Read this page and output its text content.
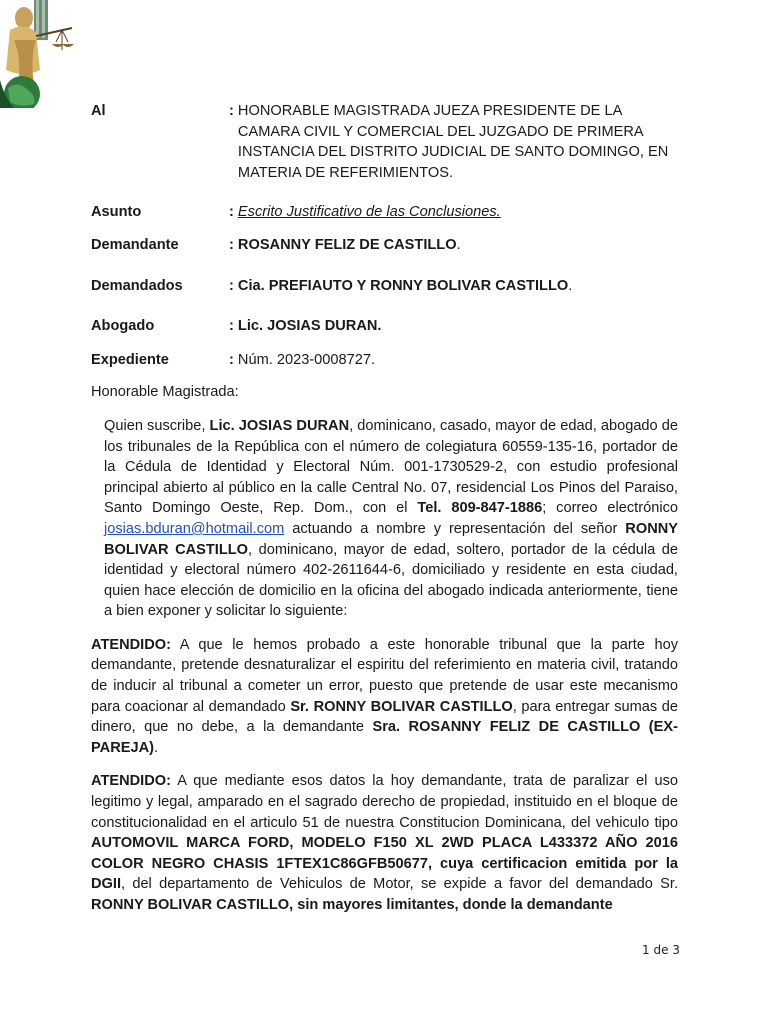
Al	: HONORABLE MAGISTRADA JUEZA PRESIDENTE DE LA CAMARA CIVIL Y COMERCIAL DEL JUZGADO DE PRIMERA INSTANCIA DEL DISTRITO JUDICIAL DE SANTO DOMINGO, EN MATERIA DE REFERIMIENTOS.
Asunto	: Escrito Justificativo de las Conclusiones.
Demandante	: ROSANNY FELIZ DE CASTILLO.
Demandados	: Cia. PREFIAUTO Y RONNY BOLIVAR CASTILLO.
Abogado	: Lic. JOSIAS DURAN.
Expediente	: Núm. 2023-0008727.
Honorable Magistrada:

Quien suscribe, Lic. JOSIAS DURAN, dominicano, casado, mayor de edad, abogado de los tribunales de la República con el número de colegiatura 60559-135-16, portador de la Cédula de Identidad y Electoral Núm. 001-1730529-2, con estudio profesional principal abierto al público en la calle Central No. 07, residencial Los Pinos del Paraiso, Santo Domingo Oeste, Rep. Dom., con el Tel. 809-847-1886; correo electrónico josias.bduran@hotmail.com actuando a nombre y representación del señor RONNY BOLIVAR CASTILLO, dominicano, mayor de edad, soltero, portador de la cédula de identidad y electoral número 402-2611644-6, domiciliado y residente en esta ciudad, quien hace elección de domicilio en la oficina del abogado indicada anteriormente, tiene a bien exponer y solicitar lo siguiente:

ATENDIDO: A que le hemos probado a este honorable tribunal que la parte hoy demandante, pretende desnaturalizar el espiritu del referimiento en materia civil, tratando de inducir al tribunal a cometer un error, puesto que pretende de usar este mecanismo para coacionar al demandado Sr. RONNY BOLIVAR CASTILLO, para entregar sumas de dinero, que no debe, a la demandante Sra. ROSANNY FELIZ DE CASTILLO (EX-PAREJA).

ATENDIDO: A que mediante esos datos la hoy demandante, trata de paralizar el uso legitimo y legal, amparado en el sagrado derecho de propiedad, instituido en el bloque de constitucionalidad en el articulo 51 de nuestra Constitucion Dominicana, del vehiculo tipo AUTOMOVIL MARCA FORD, MODELO F150 XL 2WD PLACA L433372 AÑO 2016 COLOR NEGRO CHASIS 1FTEX1C86GFB50677, cuya certificacion emitida por la DGII, del departamento de Vehiculos de Motor, se expide a favor del demandado Sr. RONNY BOLIVAR CASTILLO, sin mayores limitantes, donde la demandante

1 de 3
